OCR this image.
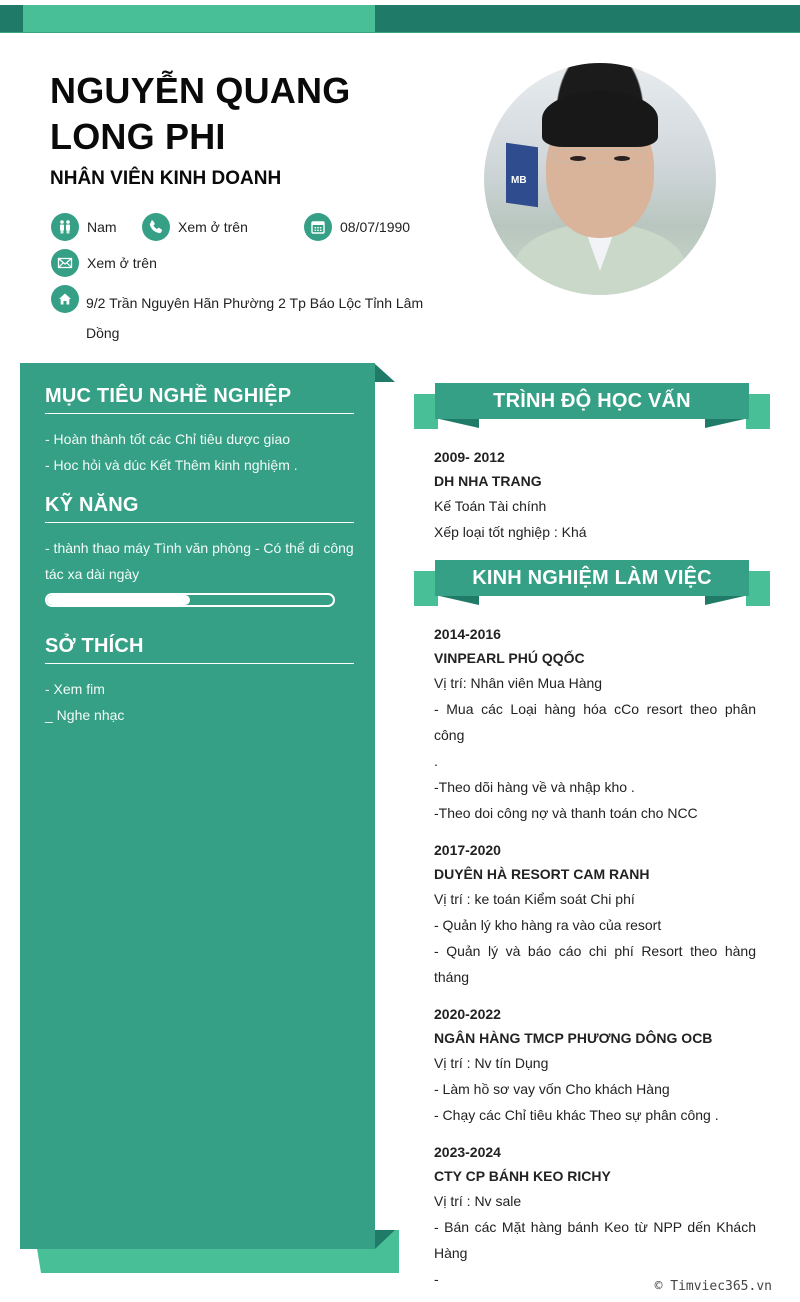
NGUYỄN QUANG LONG PHI
NHÂN VIÊN KINH DOANH
Nam	Xem ở trên	08/07/1990
Xem ở trên
9/2 Trần Nguyên Hãn Phường 2 Tp Báo Lộc Tỉnh Lâm Dồng
MB
MỤC TIÊU NGHỀ NGHIỆP
- Hoàn thành tốt các Chỉ tiêu dược giao
- Hoc hỏi và dúc Kết Thêm kinh nghiệm .
KỸ NĂNG
- thành thao máy Tình văn phòng - Có thể di công tác xa dài ngày
SỞ THÍCH
- Xem fim
_ Nghe nhạc
TRÌNH ĐỘ HỌC VẤN
2009- 2012
DH NHA TRANG
Kế Toán Tài chính
Xếp loại tốt nghiệp : Khá
KINH NGHIỆM LÀM VIỆC
2014-2016
VINPEARL PHÚ QQỐC
Vị trí: Nhân viên Mua Hàng
- Mua các Loại hàng hóa cCo resort theo phân công
.
-Theo dõi hàng về và nhập kho .
-Theo doi công nợ và thanh toán cho NCC
2017-2020
DUYÊN HÀ RESORT CAM RANH
Vị trí : ke toán Kiểm soát Chi phí
- Quản lý kho hàng ra vào của resort
- Quản lý và báo cáo chi phí Resort theo hàng tháng
2020-2022
NGÂN HÀNG TMCP PHƯƠNG DÔNG OCB
Vị trí : Nv tín Dụng
- Làm hồ sơ vay vốn Cho khách Hàng
- Chạy các Chỉ tiêu khác Theo sự phân công .
2023-2024
CTY CP BÁNH KEO RICHY
Vị trí : Nv sale
- Bán các Mặt hàng bánh Keo từ NPP dến Khách Hàng
-	© Timviec365.vn
